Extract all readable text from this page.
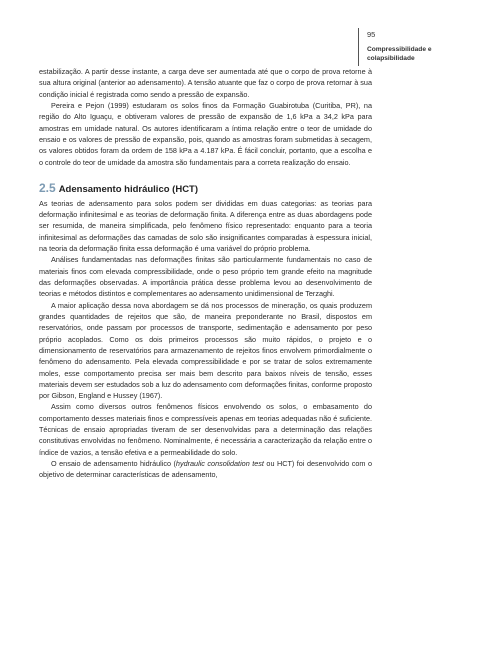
95
Compressibilidade e
colapsibilidade

estabilização. A partir desse instante, a carga deve ser aumentada até que o corpo de prova retorne à sua altura original (anterior ao adensamento). A tensão atuante que faz o corpo de prova retornar à sua condição inicial é registrada como sendo a pressão de expansão.

Pereira e Pejon (1999) estudaram os solos finos da Formação Guabirotuba (Curitiba, PR), na região do Alto Iguaçu, e obtiveram valores de pressão de expansão de 1,6 kPa a 34,2 kPa para amostras em umidade natural. Os autores identificaram a íntima relação entre o teor de umidade do ensaio e os valores de pressão de expansão, pois, quando as amostras foram submetidas à secagem, os valores obtidos foram da ordem de 158 kPa a 4.187 kPa. É fácil concluir, portanto, que a escolha e o controle do teor de umidade da amostra são fundamentais para a correta realização do ensaio.

2.5 Adensamento hidráulico (HCT)

As teorias de adensamento para solos podem ser divididas em duas categorias: as teorias para deformação infinitesimal e as teorias de deformação finita. A diferença entre as duas abordagens pode ser resumida, de maneira simplificada, pelo fenômeno físico representado: enquanto para a teoria infinitesimal as deformações das camadas de solo são insignificantes comparadas à espessura inicial, na teoria da deformação finita essa deformação é uma variável do próprio problema.

Análises fundamentadas nas deformações finitas são particularmente fundamentais no caso de materiais finos com elevada compressibilidade, onde o peso próprio tem grande efeito na magnitude das deformações observadas. A importância prática desse problema levou ao desenvolvimento de teorias e métodos distintos e complementares ao adensamento unidimensional de Terzaghi.

A maior aplicação dessa nova abordagem se dá nos processos de mineração, os quais produzem grandes quantidades de rejeitos que são, de maneira preponderante no Brasil, dispostos em reservatórios, onde passam por processos de transporte, sedimentação e adensamento por peso próprio acoplados. Como os dois primeiros processos são muito rápidos, o projeto e o dimensionamento de reservatórios para armazenamento de rejeitos finos envolvem primordialmente o fenômeno do adensamento. Pela elevada compressibilidade e por se tratar de solos extremamente moles, esse comportamento precisa ser mais bem descrito para baixos níveis de tensão, esses materiais devem ser estudados sob a luz do adensamento com deformações finitas, conforme proposto por Gibson, England e Hussey (1967).

Assim como diversos outros fenômenos físicos envolvendo os solos, o embasamento do comportamento desses materiais finos e compressíveis apenas em teorias adequadas não é suficiente. Técnicas de ensaio apropriadas tiveram de ser desenvolvidas para a determinação das relações constitutivas envolvidas no fenômeno. Nominalmente, é necessária a caracterização da relação entre o índice de vazios, a tensão efetiva e a permeabilidade do solo.

O ensaio de adensamento hidráulico (hydraulic consolidation test ou HCT) foi desenvolvido com o objetivo de determinar características de adensamento,
